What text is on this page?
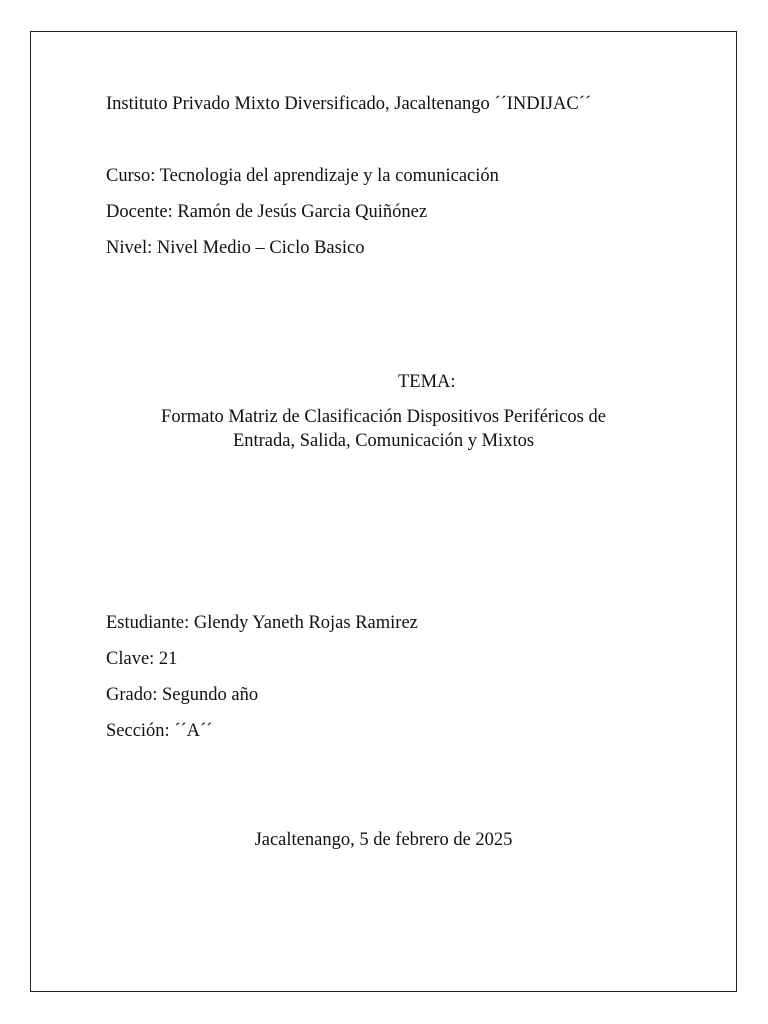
Instituto Privado Mixto Diversificado, Jacaltenango ´´INDIJAC´´
Curso: Tecnologia del aprendizaje y la comunicación
Docente: Ramón de Jesús Garcia Quiñónez
Nivel: Nivel Medio – Ciclo Basico
TEMA:
Formato Matriz de Clasificación Dispositivos Periféricos de
Entrada, Salida, Comunicación y Mixtos
Estudiante: Glendy Yaneth Rojas Ramirez
Clave: 21
Grado: Segundo año
Sección: ´´A´´
Jacaltenango, 5 de febrero de 2025
